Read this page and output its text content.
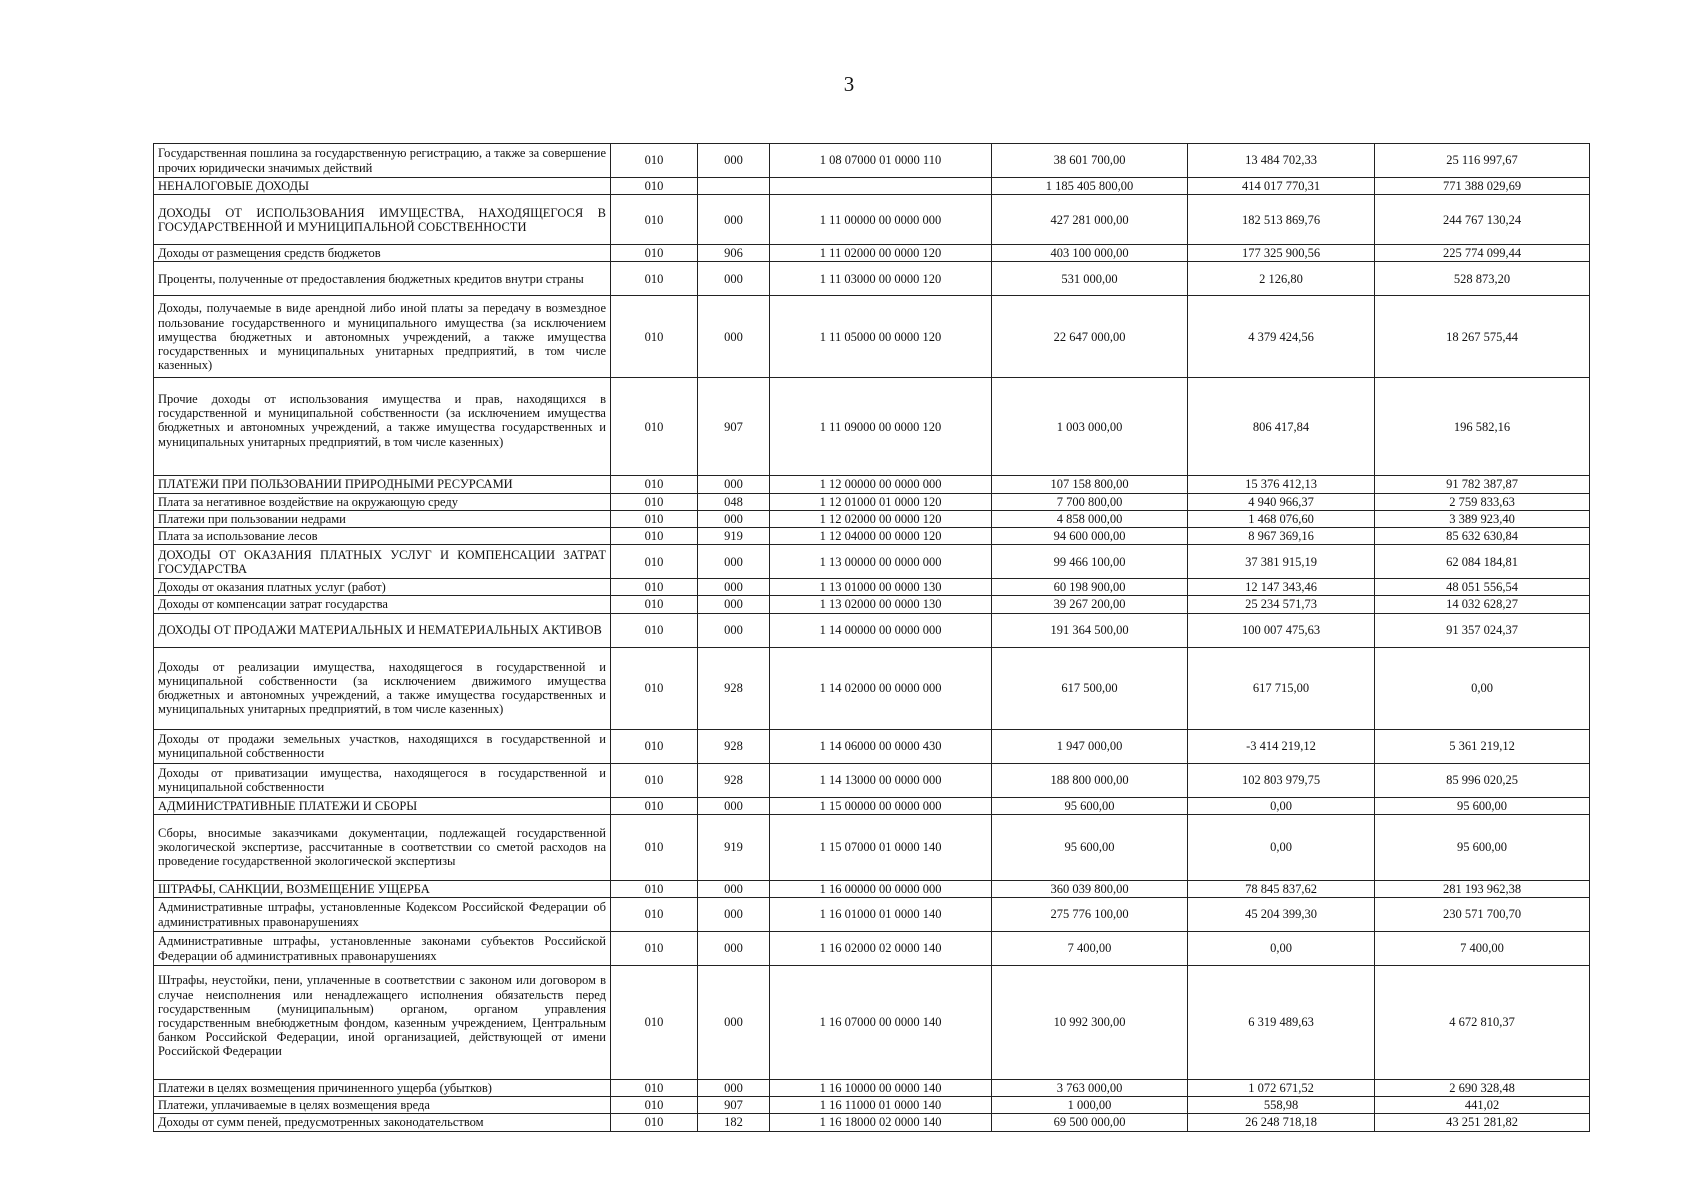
3
Государственная пошлина за государственную регистрацию, а также за совершение прочих юридически значимых действий	010	000	1 08 07000 01 0000 110	38 601 700,00	13 484 702,33	25 116 997,67
НЕНАЛОГОВЫЕ ДОХОДЫ	010			1 185 405 800,00	414 017 770,31	771 388 029,69
ДОХОДЫ ОТ ИСПОЛЬЗОВАНИЯ ИМУЩЕСТВА, НАХОДЯЩЕГОСЯ В ГОСУДАРСТВЕННОЙ И МУНИЦИПАЛЬНОЙ СОБСТВЕННОСТИ	010	000	1 11 00000 00 0000 000	427 281 000,00	182 513 869,76	244 767 130,24
Доходы от размещения средств бюджетов	010	906	1 11 02000 00 0000 120	403 100 000,00	177 325 900,56	225 774 099,44
Проценты, полученные от предоставления бюджетных кредитов внутри страны	010	000	1 11 03000 00 0000 120	531 000,00	2 126,80	528 873,20
Доходы, получаемые в виде арендной либо иной платы за передачу в возмездное пользование государственного и муниципального имущества (за исключением имущества бюджетных и автономных учреждений, а также имущества государственных и муниципальных унитарных предприятий, в том числе казенных)	010	000	1 11 05000 00 0000 120	22 647 000,00	4 379 424,56	18 267 575,44
Прочие доходы от использования имущества и прав, находящихся в государственной и муниципальной собственности (за исключением имущества бюджетных и автономных учреждений, а также имущества государственных и муниципальных унитарных предприятий, в том числе казенных)	010	907	1 11 09000 00 0000 120	1 003 000,00	806 417,84	196 582,16
ПЛАТЕЖИ ПРИ ПОЛЬЗОВАНИИ ПРИРОДНЫМИ РЕСУРСАМИ	010	000	1 12 00000 00 0000 000	107 158 800,00	15 376 412,13	91 782 387,87
Плата за негативное воздействие на окружающую среду	010	048	1 12 01000 01 0000 120	7 700 800,00	4 940 966,37	2 759 833,63
Платежи при пользовании недрами	010	000	1 12 02000 00 0000 120	4 858 000,00	1 468 076,60	3 389 923,40
Плата за использование лесов	010	919	1 12 04000 00 0000 120	94 600 000,00	8 967 369,16	85 632 630,84
ДОХОДЫ ОТ ОКАЗАНИЯ ПЛАТНЫХ УСЛУГ И КОМПЕНСАЦИИ ЗАТРАТ ГОСУДАРСТВА	010	000	1 13 00000 00 0000 000	99 466 100,00	37 381 915,19	62 084 184,81
Доходы от оказания платных услуг (работ)	010	000	1 13 01000 00 0000 130	60 198 900,00	12 147 343,46	48 051 556,54
Доходы от компенсации затрат государства	010	000	1 13 02000 00 0000 130	39 267 200,00	25 234 571,73	14 032 628,27
ДОХОДЫ ОТ ПРОДАЖИ МАТЕРИАЛЬНЫХ И НЕМАТЕРИАЛЬНЫХ АКТИВОВ	010	000	1 14 00000 00 0000 000	191 364 500,00	100 007 475,63	91 357 024,37
Доходы от реализации имущества, находящегося в государственной и муниципальной собственности (за исключением движимого имущества бюджетных и автономных учреждений, а также имущества государственных и муниципальных унитарных предприятий, в том числе казенных)	010	928	1 14 02000 00 0000 000	617 500,00	617 715,00	0,00
Доходы от продажи земельных участков, находящихся в государственной и муниципальной собственности	010	928	1 14 06000 00 0000 430	1 947 000,00	-3 414 219,12	5 361 219,12
Доходы от приватизации имущества, находящегося в государственной и муниципальной собственности	010	928	1 14 13000 00 0000 000	188 800 000,00	102 803 979,75	85 996 020,25
АДМИНИСТРАТИВНЫЕ ПЛАТЕЖИ И СБОРЫ	010	000	1 15 00000 00 0000 000	95 600,00	0,00	95 600,00
Сборы, вносимые заказчиками документации, подлежащей государственной экологической экспертизе, рассчитанные в соответствии со сметой расходов на проведение государственной экологической экспертизы	010	919	1 15 07000 01 0000 140	95 600,00	0,00	95 600,00
ШТРАФЫ, САНКЦИИ, ВОЗМЕЩЕНИЕ УЩЕРБА	010	000	1 16 00000 00 0000 000	360 039 800,00	78 845 837,62	281 193 962,38
Административные штрафы, установленные Кодексом Российской Федерации об административных правонарушениях	010	000	1 16 01000 01 0000 140	275 776 100,00	45 204 399,30	230 571 700,70
Административные штрафы, установленные законами субъектов Российской Федерации об административных правонарушениях	010	000	1 16 02000 02 0000 140	7 400,00	0,00	7 400,00
Штрафы, неустойки, пени, уплаченные в соответствии с законом или договором в случае неисполнения или ненадлежащего исполнения обязательств перед государственным (муниципальным) органом, органом управления государственным внебюджетным фондом, казенным учреждением, Центральным банком Российской Федерации, иной организацией, действующей от имени Российской Федерации	010	000	1 16 07000 00 0000 140	10 992 300,00	6 319 489,63	4 672 810,37
Платежи в целях возмещения причиненного ущерба (убытков)	010	000	1 16 10000 00 0000 140	3 763 000,00	1 072 671,52	2 690 328,48
Платежи, уплачиваемые в целях возмещения вреда	010	907	1 16 11000 01 0000 140	1 000,00	558,98	441,02
Доходы от сумм пеней, предусмотренных законодательством	010	182	1 16 18000 02 0000 140	69 500 000,00	26 248 718,18	43 251 281,82
